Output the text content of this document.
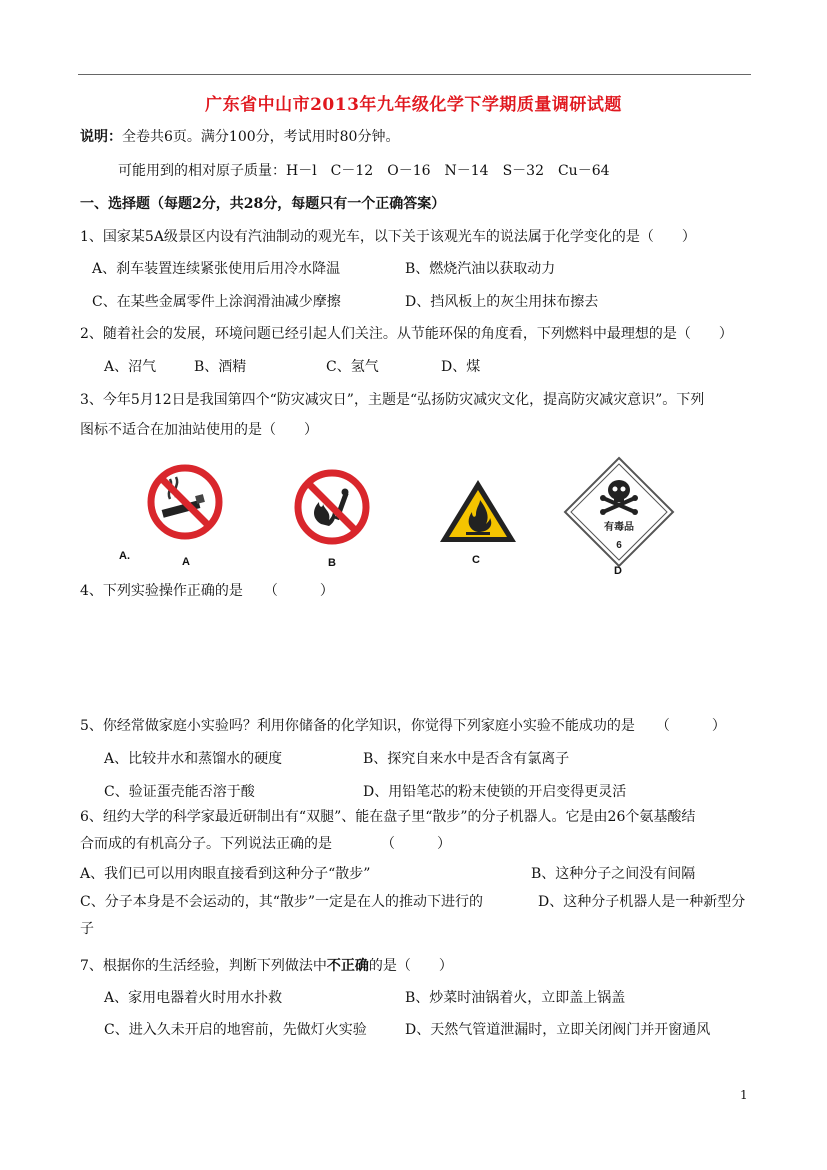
广东省中山市2013年九年级化学下学期质量调研试题
说明：全卷共6页。满分100分，考试用时80分钟。
可能用到的相对原子质量：H－l　C－12　O－16　N－14　S－32　Cu－64
一、选择题（每题2分，共28分，每题只有一个正确答案）
1、国家某5A级景区内设有汽油制动的观光车，以下关于该观光车的说法属于化学变化的是（　　）
A、刹车装置连续紧张使用后用冷水降温	B、燃烧汽油以获取动力
C、在某些金属零件上涂润滑油减少摩擦	D、挡风板上的灰尘用抹布擦去
2、随着社会的发展，环境问题已经引起人们关注。从节能环保的角度看，下列燃料中最理想的是（　　）
A、沼气	B、酒精	C、氢气	D、煤
3、今年5月12日是我国第四个“防灾减灾日”，主题是“弘扬防灾减灾文化，提高防灾减灾意识”。下列
图标不适合在加油站使用的是（　　）
A.	A	B	C
有毒品
6
D
4、下列实验操作正确的是　　（　　　）
5、你经常做家庭小实验吗？利用你储备的化学知识，你觉得下列家庭小实验不能成功的是　　（　　　）
A、比较井水和蒸馏水的硬度	B、探究自来水中是否含有氯离子
C、验证蛋壳能否溶于酸	D、用铅笔芯的粉末使锁的开启变得更灵活
6、纽约大学的科学家最近研制出有“双腿”、能在盘子里“散步”的分子机器人。它是由26个氨基酸结
合而成的有机高分子。下列说法正确的是　　　　（　　　）
A、我们已可以用肉眼直接看到这种分子“散步”	B、这种分子之间没有间隔
C、分子本身是不会运动的，其“散步”一定是在人的推动下进行的	D、这种分子机器人是一种新型分
子
7、根据你的生活经验，判断下列做法中不正确的是（　　）
A、家用电器着火时用水扑救	B、炒菜时油锅着火，立即盖上锅盖
C、进入久未开启的地窖前，先做灯火实验	D、天然气管道泄漏时，立即关闭阀门并开窗通风
1
